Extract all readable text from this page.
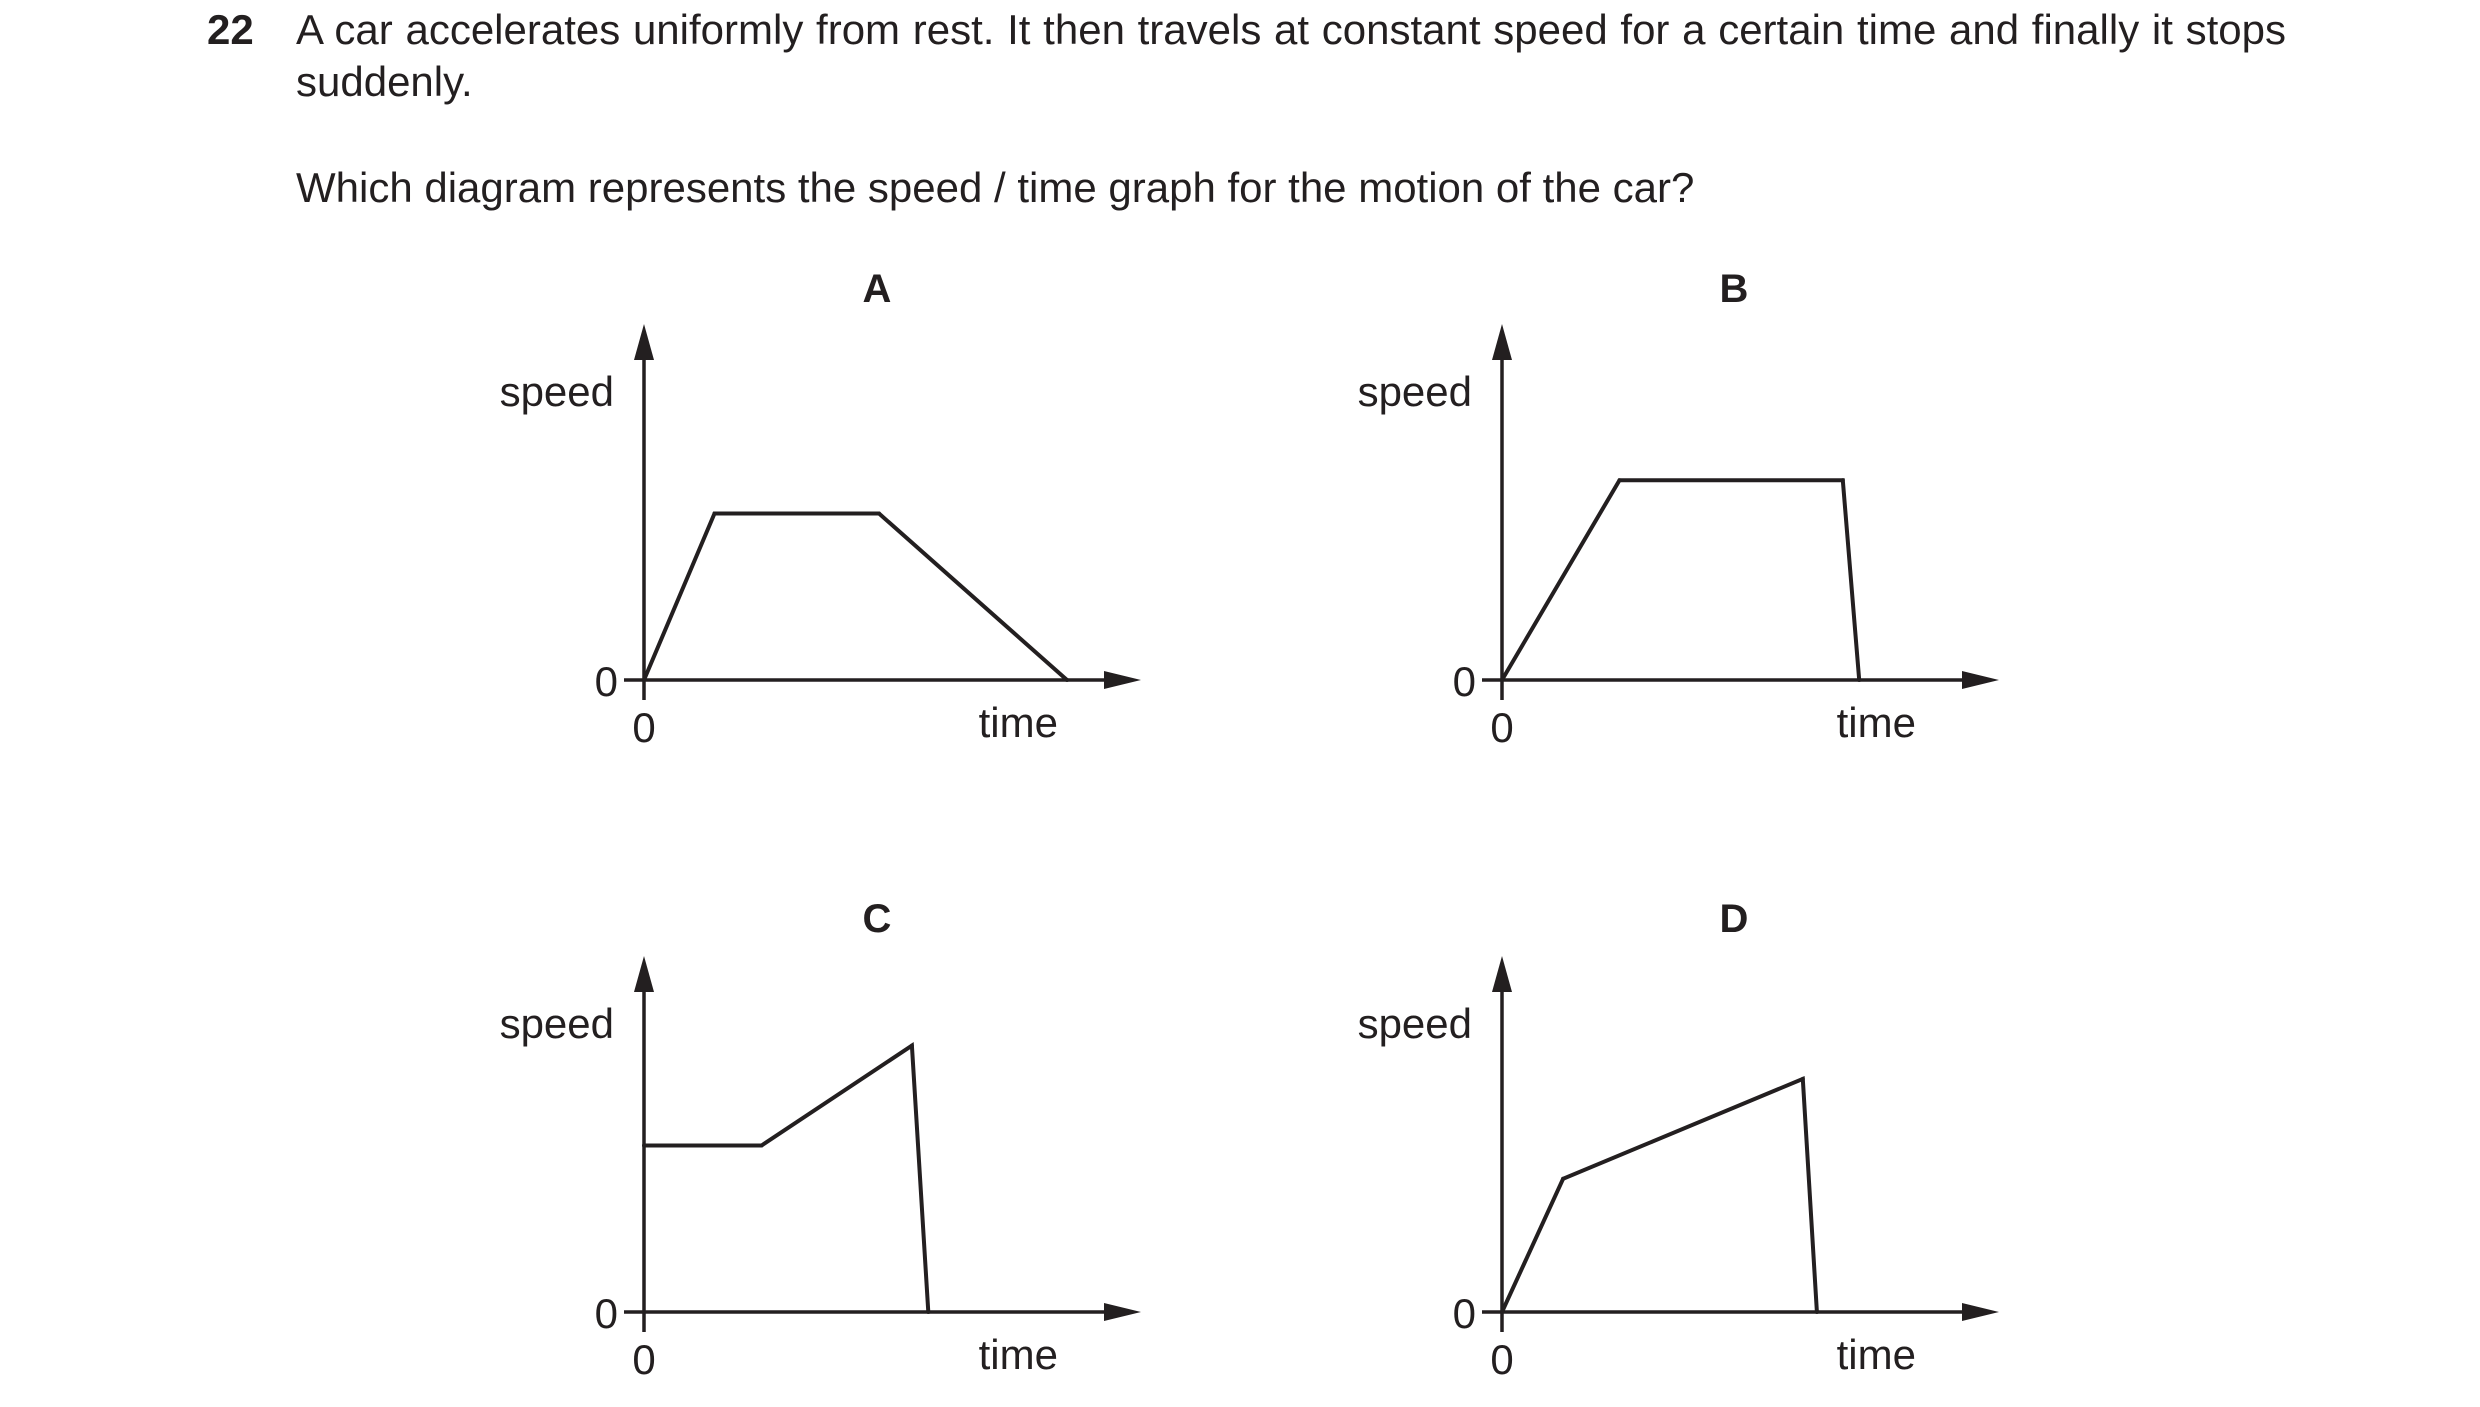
22 A car accelerates uniformly from rest. It then travels at constant speed for a certain time and finally it stops suddenly.
Which diagram represents the speed / time graph for the motion of the car?
A
speed
time
0
0
B
speed
time
0
0
C
speed
time
0
0
D
speed
time
0
0
